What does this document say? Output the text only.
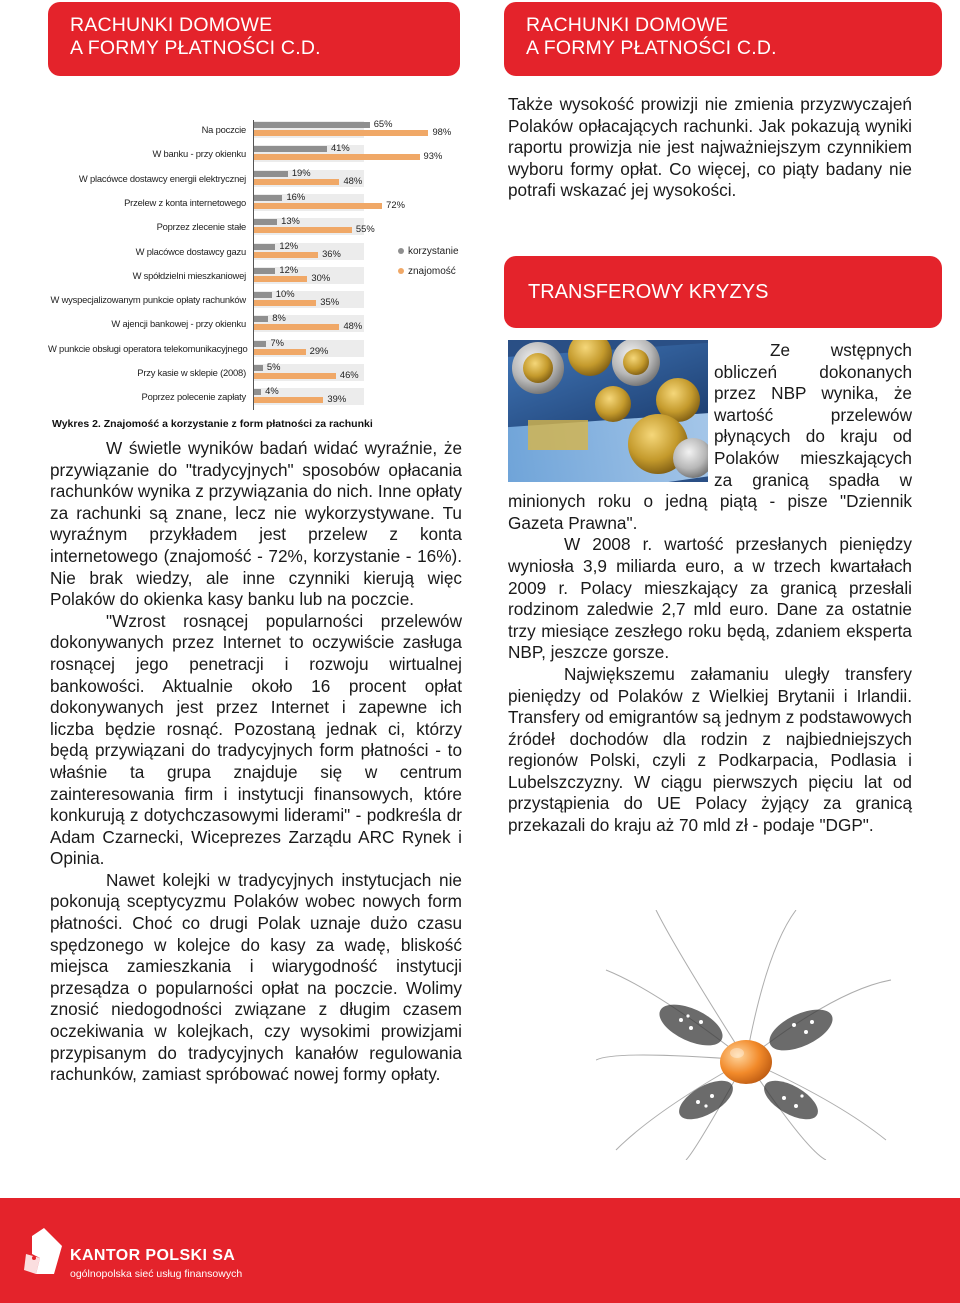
RACHUNKI DOMOWE
A FORMY PŁATNOŚCI C.D.
RACHUNKI DOMOWE
A FORMY PŁATNOŚCI C.D.

Także wysokość prowizji nie zmienia przyzwyczajeń Polaków opłacających rachunki. Jak pokazują wyniki raportu prowizja nie jest najważniejszym czynnikiem wyboru formy opłat. Co więcej, co piąty badany nie potrafi wskazać jej wysokości.

TRANSFEROWY KRYZYS
korzystanie
znajomość
Wykres 2. Znajomość a korzystanie z form płatności za rachunki
Na poczcie
65%
98%
W banku - przy okienku
41%
93%
W placówce dostawcy energii elektrycznej
19%
48%
Przelew z konta internetowego
16%
72%
Poprzez zlecenie stałe
13%
55%
W placówce dostawcy gazu
12%
36%
W spółdzielni mieszkaniowej
12%
30%
W wyspecjalizowanym punkcie opłaty rachunków
10%
35%
W ajencji bankowej - przy okienku
8%
48%
W punkcie obsługi operatora telekomunikacyjnego
7%
29%
Przy kasie w sklepie (2008)
5%
46%
Poprzez polecenie zapłaty
4%
39%
W świetle wyników badań widać wyraźnie, że przywiązanie do "tradycyjnych" sposobów opłacania rachunków wynika z przywiązania do nich. Inne opłaty za rachunki są znane, lecz nie wykorzystywane. Tu wyraźnym przykładem jest przelew z konta internetowego (znajomość - 72%, korzystanie - 16%). Nie brak wiedzy, ale inne czynniki kierują więc Polaków do okienka kasy banku lub na poczcie.
"Wzrost rosnącej popularności przelewów dokonywanych przez Internet to oczywiście zasługa rosnącej jego penetracji i rozwoju wirtualnej bankowości. Aktualnie około 16 procent opłat dokonywanych jest przez Internet i zapewne ich liczba będzie rosnąć. Pozostaną jednak ci, którzy będą przywiązani do tradycyjnych form płatności - to właśnie ta grupa znajduje się w centrum zainteresowania firm i instytucji finansowych, które konkurują z dotychczasowymi liderami" - podkreśla dr Adam Czarnecki, Wiceprezes Zarządu ARC Rynek i Opinia.
Nawet kolejki w tradycyjnych instytucjach nie pokonują sceptycyzmu Polaków wobec nowych form płatności. Choć co drugi Polak uznaje dużo czasu spędzonego w kolejce do kasy za wadę, bliskość miejsca zamieszkania i wiarygodność instytucji przesądza o popularności opłat na poczcie. Wolimy znosić niedogodności związane z długim czasem oczekiwania w kolejkach, czy wysokimi prowizjami przypisanym do tradycyjnych kanałów regulowania rachunków, zamiast spróbować nowej formy opłaty.
Ze wstępnych obliczeń dokonanych przez NBP wynika, że wartość przelewów płynących do kraju od Polaków mieszkających za granicą spadła w minionych roku o jedną piątą - pisze "Dziennik Gazeta Prawna".
W 2008 r. wartość przesłanych pieniędzy wyniosła 3,9 miliarda euro, a w trzech kwartałach 2009 r. Polacy mieszkający za granicą przesłali rodzinom zaledwie 2,7 mld euro. Dane za ostatnie trzy miesiące zeszłego roku będą, zdaniem eksperta NBP, jeszcze gorsze.
Największemu załamaniu uległy transfery pieniędzy od Polaków z Wielkiej Brytanii i Irlandii. Transfery od emigrantów są jednym z podstawowych źródeł dochodów dla rodzin z najbiedniejszych regionów Polski, czyli z Podkarpacia, Podlasia i Lubelszczyzny. W ciągu pierwszych pięciu lat od przystąpienia do UE Polacy żyjący za granicą przekazali do kraju aż 70 mld zł - podaje "DGP".
KANTOR POLSKI SA
ogólnopolska sieć usług finansowych
